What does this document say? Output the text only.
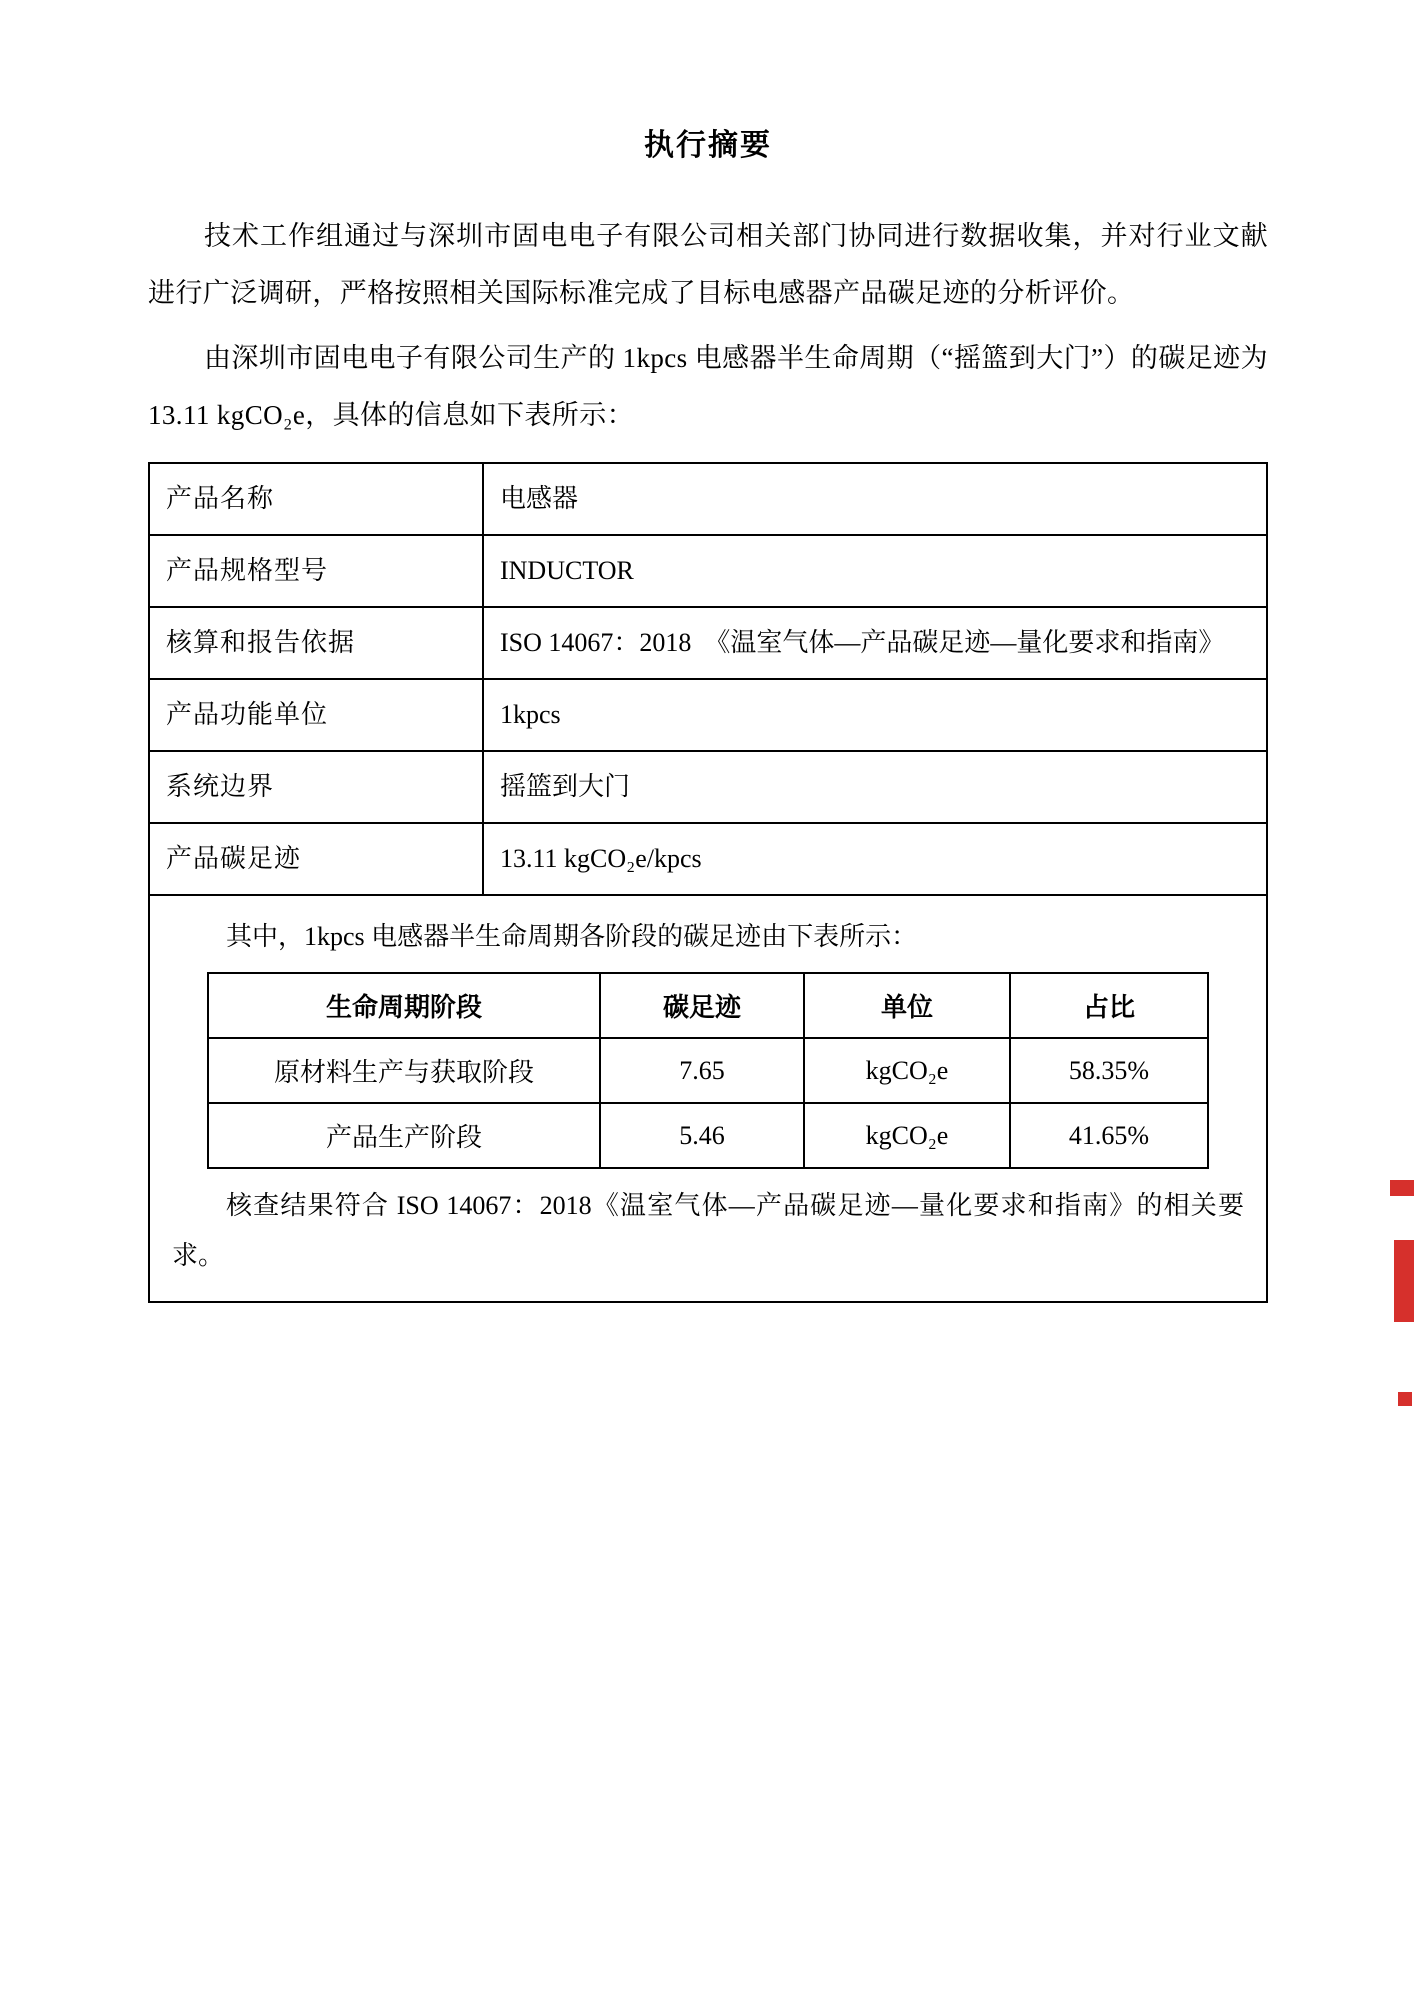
执行摘要

技术工作组通过与深圳市固电电子有限公司相关部门协同进行数据收集，并对行业文献进行广泛调研，严格按照相关国际标准完成了目标电感器产品碳足迹的分析评价。

由深圳市固电电子有限公司生产的 1kpcs 电感器半生命周期（“摇篮到大门”）的碳足迹为 13.11 kgCO₂e，具体的信息如下表所示：

产品名称	电感器
产品规格型号	INDUCTOR
核算和报告依据	ISO 14067：2018　《温室气体—产品碳足迹—量化要求和指南》
产品功能单位	1kpcs
系统边界	摇篮到大门
产品碳足迹	13.11 kgCO₂e/kpcs

其中，1kpcs 电感器半生命周期各阶段的碳足迹由下表所示：

生命周期阶段	碳足迹	单位	占比
原材料生产与获取阶段	7.65	kgCO₂e	58.35%
产品生产阶段	5.46	kgCO₂e	41.65%

核查结果符合 ISO 14067：2018《温室气体—产品碳足迹—量化要求和指南》的相关要求。
